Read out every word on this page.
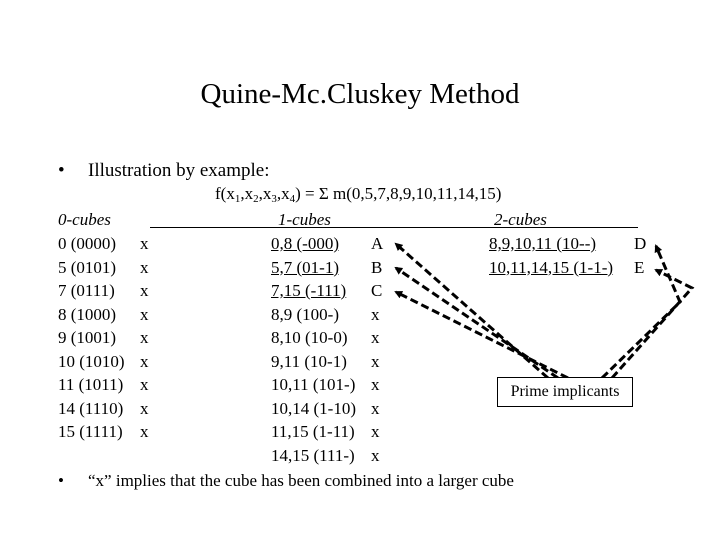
Quine-Mc.Cluskey Method
• Illustration by example:
$f(x_1,x_2,x_3,x_4) = \Sigma$ m(0,5,7,8,9,10,11,14,15)
0-cubes	1-cubes	2-cubes
0 (0000)
5 (0101)
7 (0111)
8 (1000)
9 (1001)
10 (1010)
11 (1011)
14 (1110)
15 (1111)
x
x
x
x
x
x
x
x
x
0,8 (-000)
5,7 (01-1)
7,15 (-111)
8,9 (100-)
8,10 (10-0)
9,11 (10-1)
10,11 (101-)
10,14 (1-10)
11,15 (1-11)
14,15 (111-)
A
B
C
x
x
x
x
x
x
x
8,9,10,11 (10--)
10,11,14,15 (1-1-)
D
E
Prime implicants
• “x” implies that the cube has been combined into a larger cube
